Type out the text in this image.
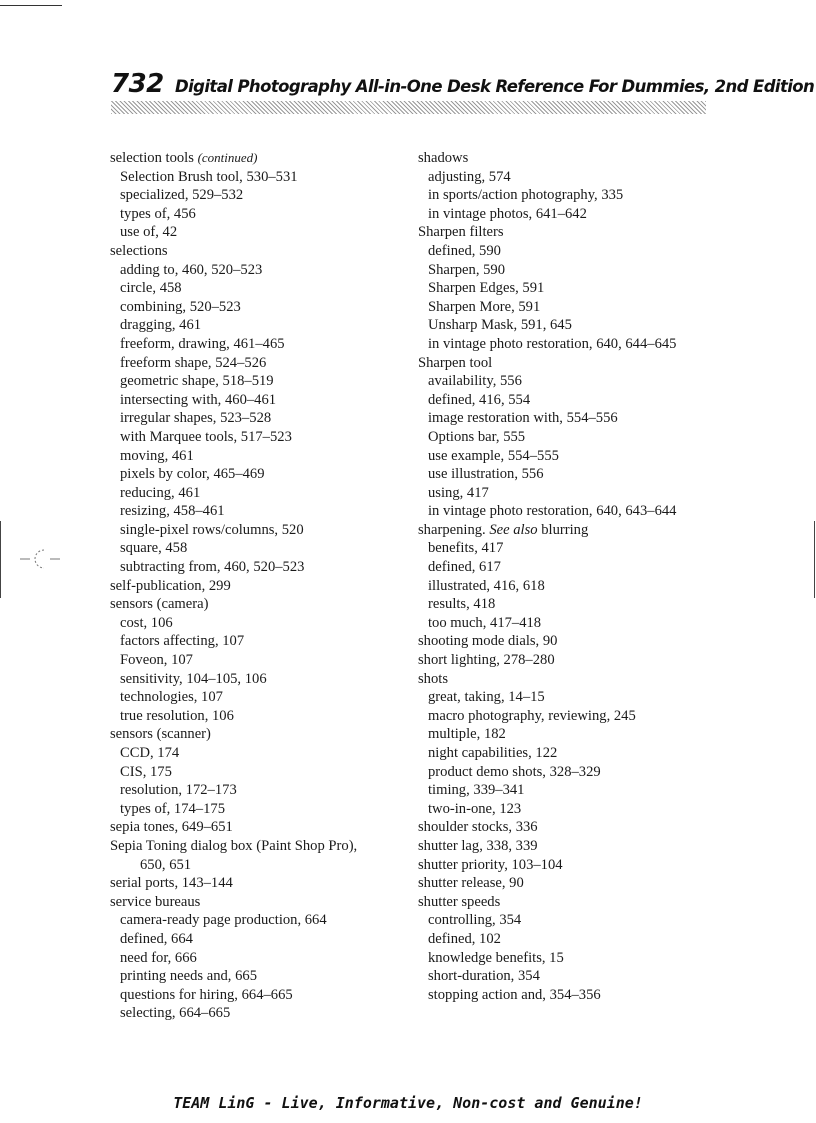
732 Digital Photography All-in-One Desk Reference For Dummies, 2nd Edition
selection tools (continued)
Selection Brush tool, 530–531
specialized, 529–532
types of, 456
use of, 42
selections
adding to, 460, 520–523
circle, 458
combining, 520–523
dragging, 461
freeform, drawing, 461–465
freeform shape, 524–526
geometric shape, 518–519
intersecting with, 460–461
irregular shapes, 523–528
with Marquee tools, 517–523
moving, 461
pixels by color, 465–469
reducing, 461
resizing, 458–461
single-pixel rows/columns, 520
square, 458
subtracting from, 460, 520–523
self-publication, 299
sensors (camera)
cost, 106
factors affecting, 107
Foveon, 107
sensitivity, 104–105, 106
technologies, 107
true resolution, 106
sensors (scanner)
CCD, 174
CIS, 175
resolution, 172–173
types of, 174–175
sepia tones, 649–651
Sepia Toning dialog box (Paint Shop Pro),
650, 651
serial ports, 143–144
service bureaus
camera-ready page production, 664
defined, 664
need for, 666
printing needs and, 665
questions for hiring, 664–665
selecting, 664–665
shadows
adjusting, 574
in sports/action photography, 335
in vintage photos, 641–642
Sharpen filters
defined, 590
Sharpen, 590
Sharpen Edges, 591
Sharpen More, 591
Unsharp Mask, 591, 645
in vintage photo restoration, 640, 644–645
Sharpen tool
availability, 556
defined, 416, 554
image restoration with, 554–556
Options bar, 555
use example, 554–555
use illustration, 556
using, 417
in vintage photo restoration, 640, 643–644
sharpening. See also blurring
benefits, 417
defined, 617
illustrated, 416, 618
results, 418
too much, 417–418
shooting mode dials, 90
short lighting, 278–280
shots
great, taking, 14–15
macro photography, reviewing, 245
multiple, 182
night capabilities, 122
product demo shots, 328–329
timing, 339–341
two-in-one, 123
shoulder stocks, 336
shutter lag, 338, 339
shutter priority, 103–104
shutter release, 90
shutter speeds
controlling, 354
defined, 102
knowledge benefits, 15
short-duration, 354
stopping action and, 354–356
TEAM LinG - Live, Informative, Non-cost and Genuine!
